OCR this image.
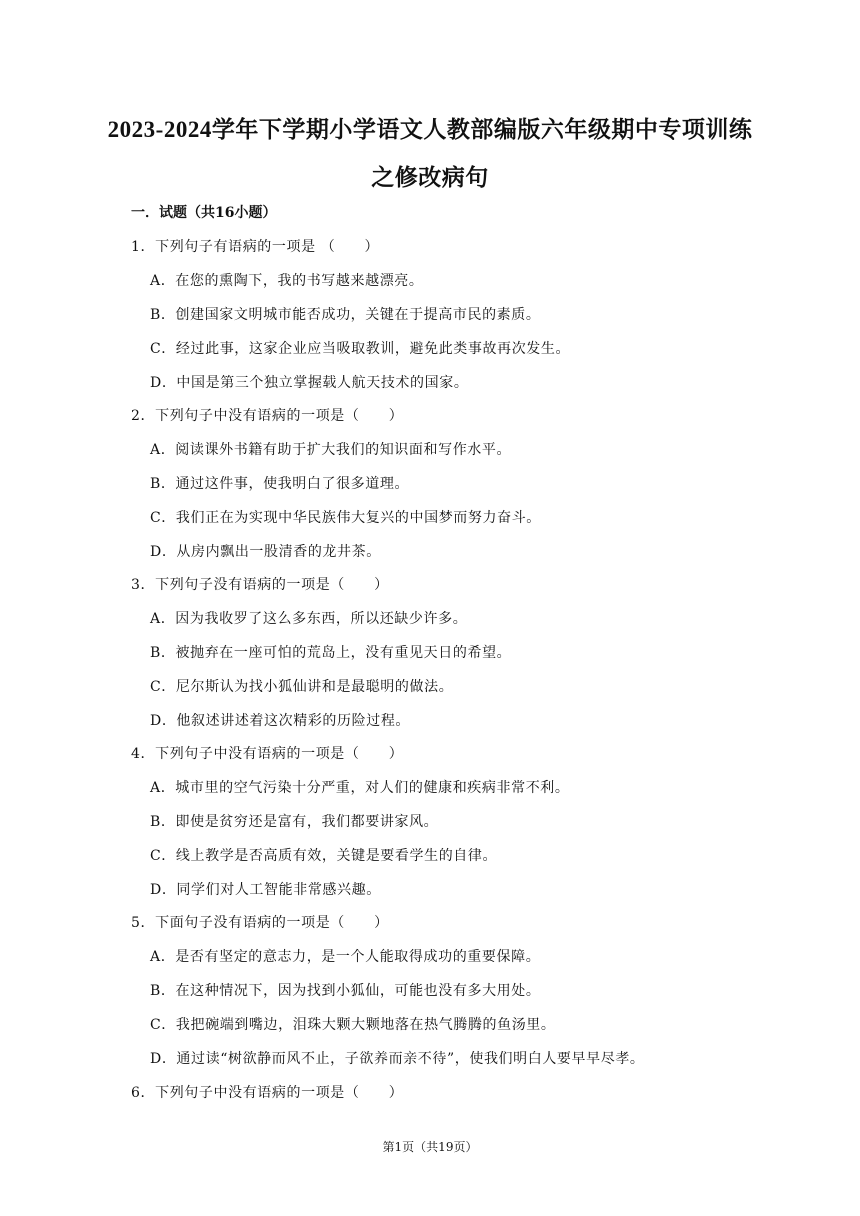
2023-2024学年下学期小学语文人教部编版六年级期中专项训练
之修改病句
一．试题（共16小题）
1．下列句子有语病的一项是 （　　）
A．在您的熏陶下，我的书写越来越漂亮。
B．创建国家文明城市能否成功，关键在于提高市民的素质。
C．经过此事，这家企业应当吸取教训，避免此类事故再次发生。
D．中国是第三个独立掌握载人航天技术的国家。
2．下列句子中没有语病的一项是（　　）
A．阅读课外书籍有助于扩大我们的知识面和写作水平。
B．通过这件事，使我明白了很多道理。
C．我们正在为实现中华民族伟大复兴的中国梦而努力奋斗。
D．从房内飘出一股清香的龙井茶。
3．下列句子没有语病的一项是（　　）
A．因为我收罗了这么多东西，所以还缺少许多。
B．被抛弃在一座可怕的荒岛上，没有重见天日的希望。
C．尼尔斯认为找小狐仙讲和是最聪明的做法。
D．他叙述讲述着这次精彩的历险过程。
4．下列句子中没有语病的一项是（　　）
A．城市里的空气污染十分严重，对人们的健康和疾病非常不利。
B．即使是贫穷还是富有，我们都要讲家风。
C．线上教学是否高质有效，关键是要看学生的自律。
D．同学们对人工智能非常感兴趣。
5．下面句子没有语病的一项是（　　）
A．是否有坚定的意志力，是一个人能取得成功的重要保障。
B．在这种情况下，因为找到小狐仙，可能也没有多大用处。
C．我把碗端到嘴边，泪珠大颗大颗地落在热气腾腾的鱼汤里。
D．通过读“树欲静而风不止，子欲养而亲不待”，使我们明白人要早早尽孝。
6．下列句子中没有语病的一项是（　　）
第1页（共19页）
